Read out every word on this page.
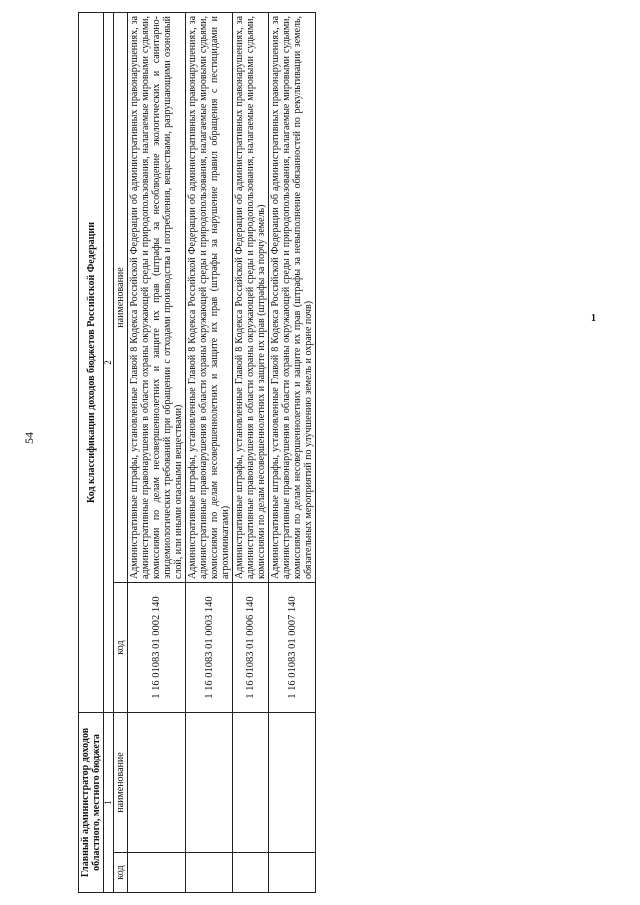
54
1
Главный администратор доходов областного, местного бюджета		Код классификации доходов бюджетов Российской Федерации	
1		2	
код	наименование	код	наименование
		1 16 01083 01 0002 140	Административные штрафы, установленные Главой 8 Кодекса Российской Федерации об административных правонарушениях, за административные правонарушения в области охраны окружающей среды и природопользования, налагаемые мировыми судьями, комиссиями по делам несовершеннолетних и защите их прав (штрафы за несоблюдение экологических и санитарно-эпидемиологических требований при обращении с отходами производства и потребления, веществами, разрушающими озоновый слой, или иными опасными веществами)
		1 16 01083 01 0003 140	Административные штрафы, установленные Главой 8 Кодекса Российской Федерации об административных правонарушениях, за административные правонарушения в области охраны окружающей среды и природопользования, налагаемые мировыми судьями, комиссиями по делам несовершеннолетних и защите их прав (штрафы за нарушение правил обращения с пестицидами и агрохимикатами)
		1 16 01083 01 0006 140	Административные штрафы, установленные Главой 8 Кодекса Российской Федерации об административных правонарушениях, за административные правонарушения в области охраны окружающей среды и природопользования, налагаемые мировыми судьями, комиссиями по делам несовершеннолетних и защите их прав (штрафы за порчу земель)
		1 16 01083 01 0007 140	Административные штрафы, установленные Главой 8 Кодекса Российской Федерации об административных правонарушениях, за административные правонарушения в области охраны окружающей среды и природопользования, налагаемые мировыми судьями, комиссиями по делам несовершеннолетних и защите их прав (штрафы за невыполнение обязанностей по рекультивации земель, обязательных мероприятий по улучшению земель и охране почв)
